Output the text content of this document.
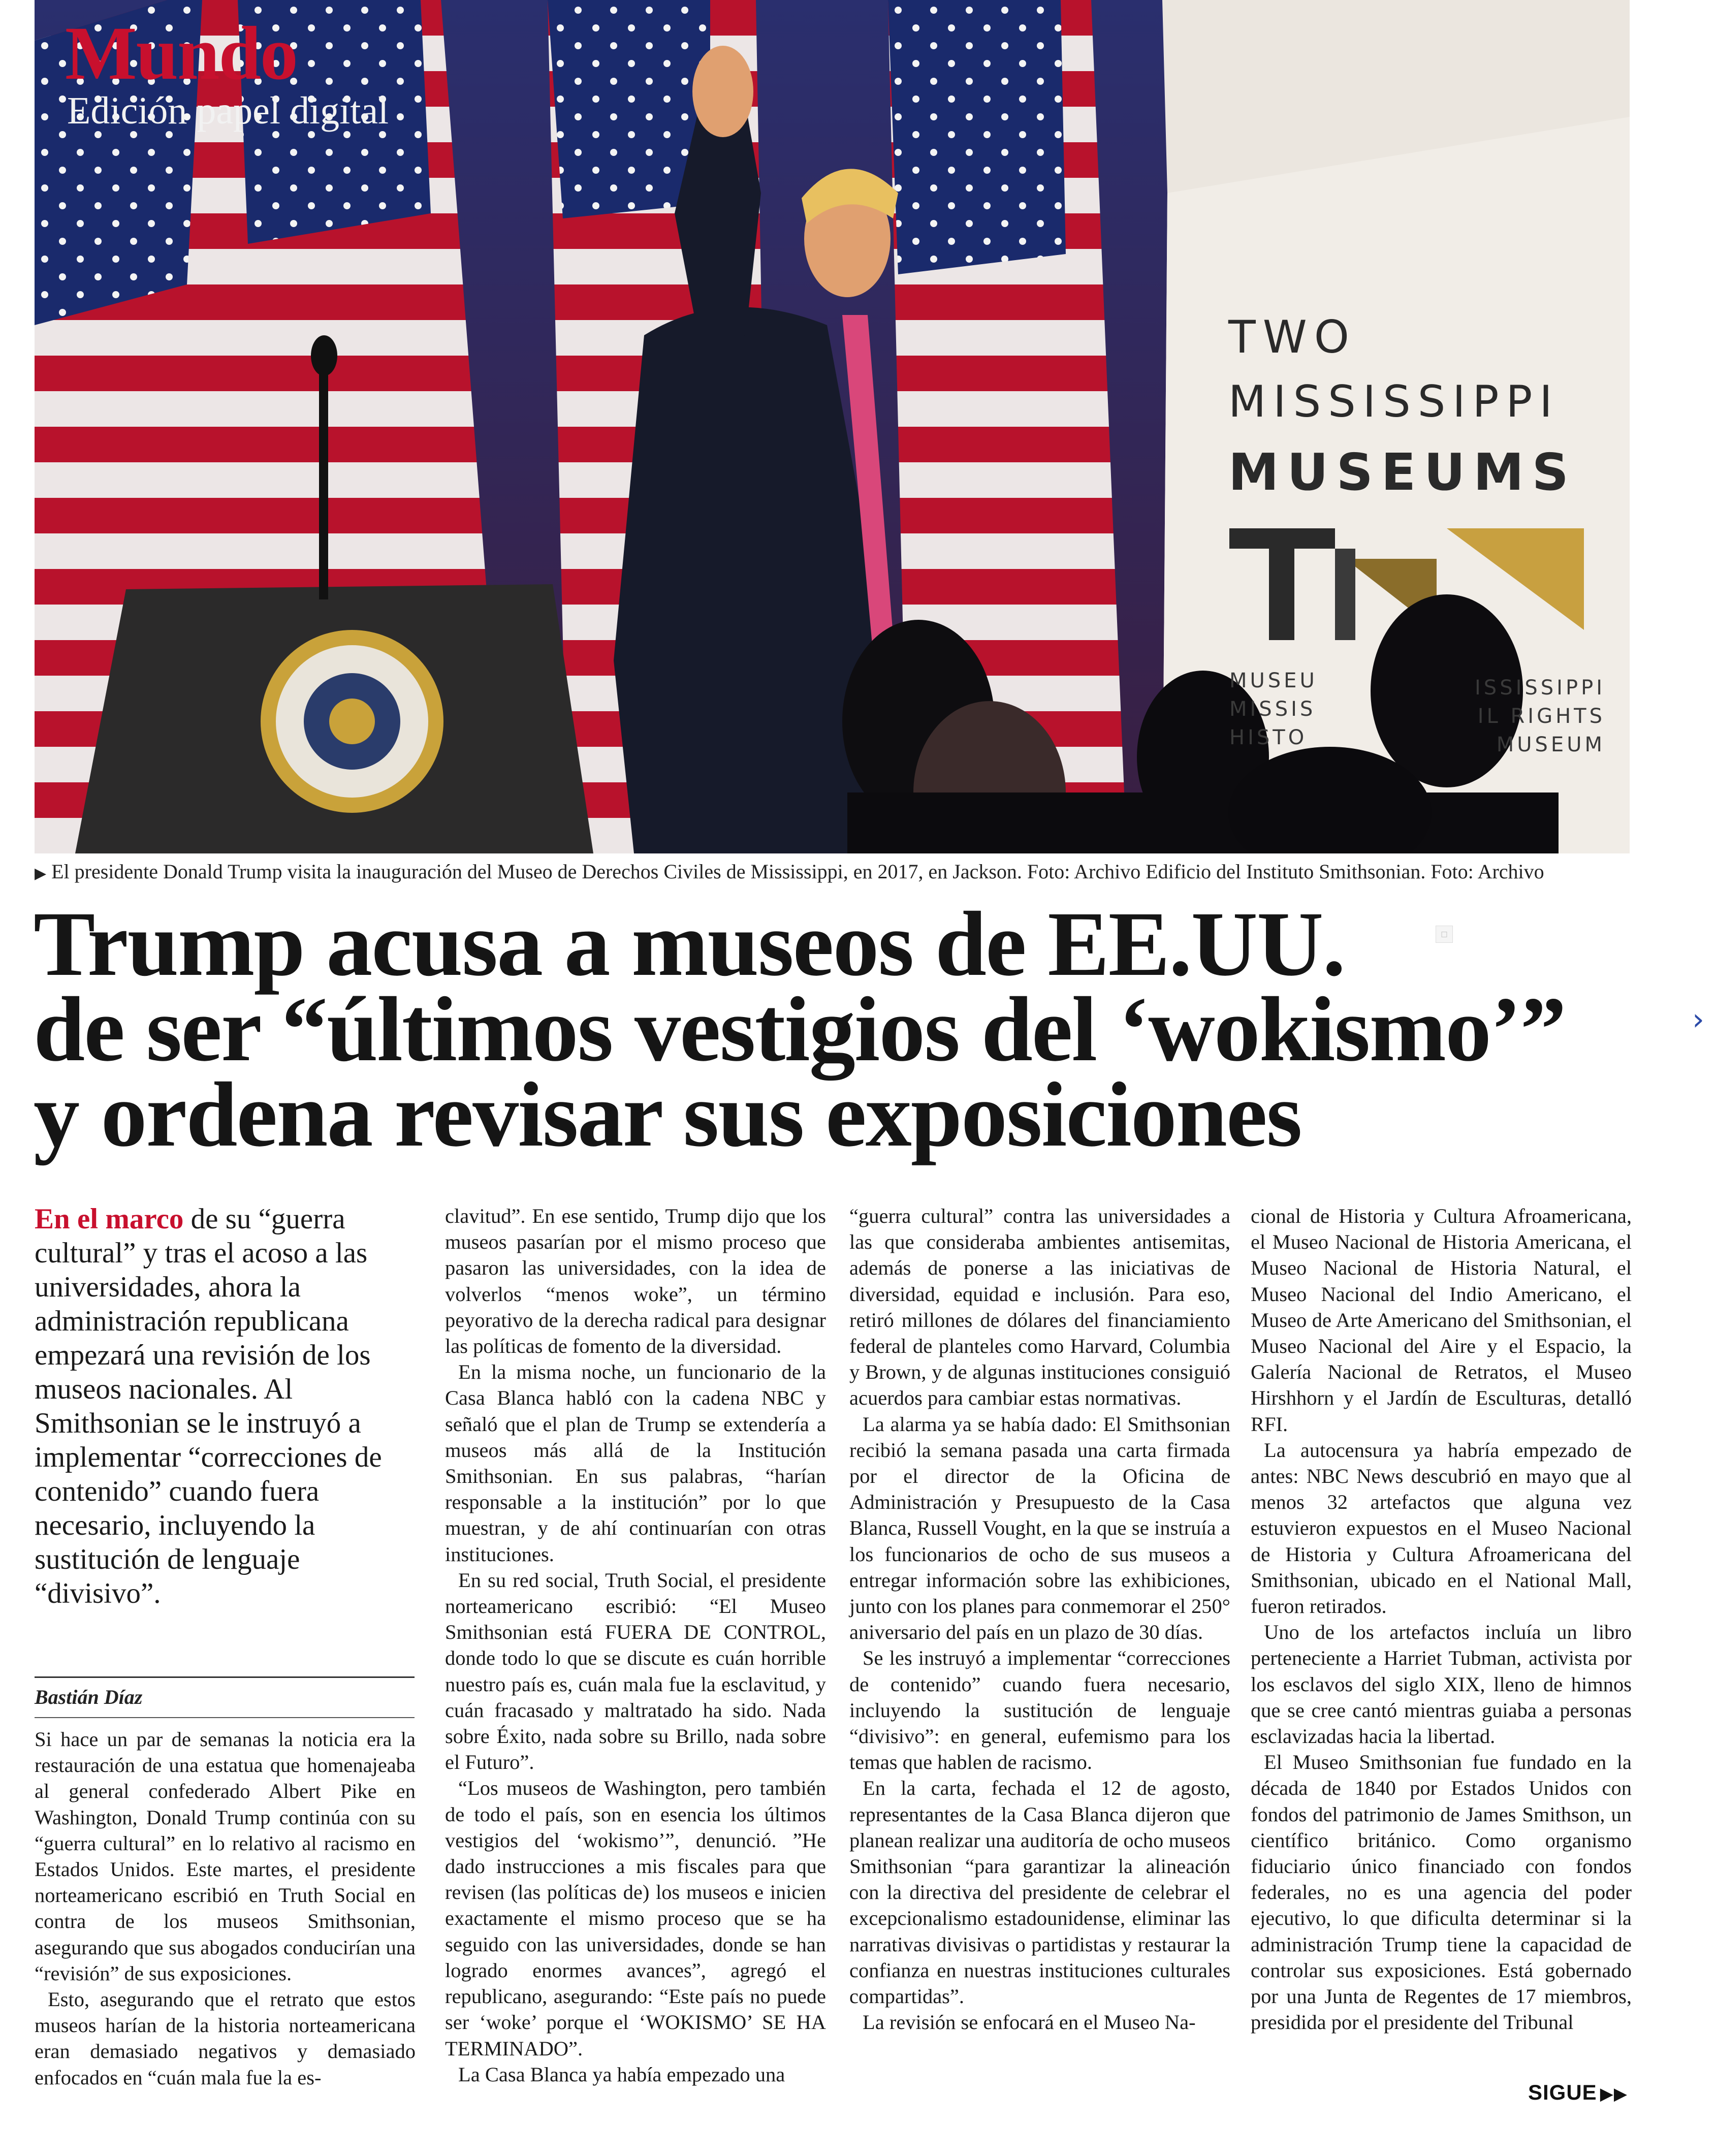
Mundo
Edición papel digital
TWO
MISSISSIPPI
MUSEUMS
MUSEU
MISSIS
HISTO
ISSISSIPPI
IL RIGHTS
MUSEUM
▶ El presidente Donald Trump visita la inauguración del Museo de Derechos Civiles de Mississippi, en 2017, en Jackson. Foto: Archivo Edificio del Instituto Smithsonian. Foto: Archivo
Trump acusa a museos de EE.UU.
de ser “últimos vestigios del ‘wokismo’”
y ordena revisar sus exposiciones
□
›
En el marco de su “guerra cultural” y tras el acoso a las universidades, ahora la administración republicana empezará una revisión de los museos nacionales. Al Smithsonian se le instruyó a implementar “correcciones de contenido” cuando fuera necesario, incluyendo la sustitución de lenguaje “divisivo”.
Bastián Díaz

Si hace un par de semanas la noticia era la restauración de una estatua que homenajeaba al general confederado Albert Pike en Washington, Donald Trump continúa con su “guerra cultural” en lo relativo al racismo en Estados Unidos. Este martes, el presidente norteamericano escribió en Truth Social en contra de los museos Smithsonian, asegurando que sus abogados conducirían una “revisión” de sus exposiciones.

Esto, asegurando que el retrato que estos museos harían de la historia norteamericana eran demasiado negativos y demasiado enfocados en “cuán mala fue la es-

clavitud”. En ese sentido, Trump dijo que los museos pasarían por el mismo proceso que pasaron las universidades, con la idea de volverlos “menos woke”, un término peyorativo de la derecha radical para designar las políticas de fomento de la diversidad.

En la misma noche, un funcionario de la Casa Blanca habló con la cadena NBC y señaló que el plan de Trump se extendería a museos más allá de la Institución Smithsonian. En sus palabras, “harían responsable a la institución” por lo que muestran, y de ahí continuarían con otras instituciones.

En su red social, Truth Social, el presidente norteamericano escribió: “El Museo Smithsonian está FUERA DE CONTROL, donde todo lo que se discute es cuán horrible nuestro país es, cuán mala fue la esclavitud, y cuán fracasado y maltratado ha sido. Nada sobre Éxito, nada sobre su Brillo, nada sobre el Futuro”.

“Los museos de Washington, pero también de todo el país, son en esencia los últimos vestigios del ‘wokismo’”, denunció. ”He dado instrucciones a mis fiscales para que revisen (las políticas de) los museos e inicien exactamente el mismo proceso que se ha seguido con las universidades, donde se han logrado enormes avances”, agregó el republicano, asegurando: “Este país no puede ser ‘woke’ porque el ‘WOKISMO’ SE HA TERMINADO”.

La Casa Blanca ya había empezado una

“guerra cultural” contra las universidades a las que consideraba ambientes antisemitas, además de ponerse a las iniciativas de diversidad, equidad e inclusión. Para eso, retiró millones de dólares del financiamiento federal de planteles como Harvard, Columbia y Brown, y de algunas instituciones consiguió acuerdos para cambiar estas normativas.

La alarma ya se había dado: El Smithsonian recibió la semana pasada una carta firmada por el director de la Oficina de Administración y Presupuesto de la Casa Blanca, Russell Vought, en la que se instruía a los funcionarios de ocho de sus museos a entregar información sobre las exhibiciones, junto con los planes para conmemorar el 250° aniversario del país en un plazo de 30 días.

Se les instruyó a implementar “correcciones de contenido” cuando fuera necesario, incluyendo la sustitución de lenguaje “divisivo”: en general, eufemismo para los temas que hablen de racismo.

En la carta, fechada el 12 de agosto, representantes de la Casa Blanca dijeron que planean realizar una auditoría de ocho museos Smithsonian “para garantizar la alineación con la directiva del presidente de celebrar el excepcionalismo estadounidense, eliminar las narrativas divisivas o partidistas y restaurar la confianza en nuestras instituciones culturales compartidas”.

La revisión se enfocará en el Museo Na-

cional de Historia y Cultura Afroamericana, el Museo Nacional de Historia Americana, el Museo Nacional de Historia Natural, el Museo Nacional del Indio Americano, el Museo de Arte Americano del Smithsonian, el Museo Nacional del Aire y el Espacio, la Galería Nacional de Retratos, el Museo Hirshhorn y el Jardín de Esculturas, detalló RFI.

La autocensura ya habría empezado de antes: NBC News descubrió en mayo que al menos 32 artefactos que alguna vez estuvieron expuestos en el Museo Nacional de Historia y Cultura Afroamericana del Smithsonian, ubicado en el National Mall, fueron retirados.

Uno de los artefactos incluía un libro perteneciente a Harriet Tubman, activista por los esclavos del siglo XIX, lleno de himnos que se cree cantó mientras guiaba a personas esclavizadas hacia la libertad.

El Museo Smithsonian fue fundado en la década de 1840 por Estados Unidos con fondos del patrimonio de James Smithson, un científico británico. Como organismo fiduciario único financiado con fondos federales, no es una agencia del poder ejecutivo, lo que dificulta determinar si la administración Trump tiene la capacidad de controlar sus exposiciones. Está gobernado por una Junta de Regentes de 17 miembros, presidida por el presidente del Tribunal

SIGUE ▶▶
